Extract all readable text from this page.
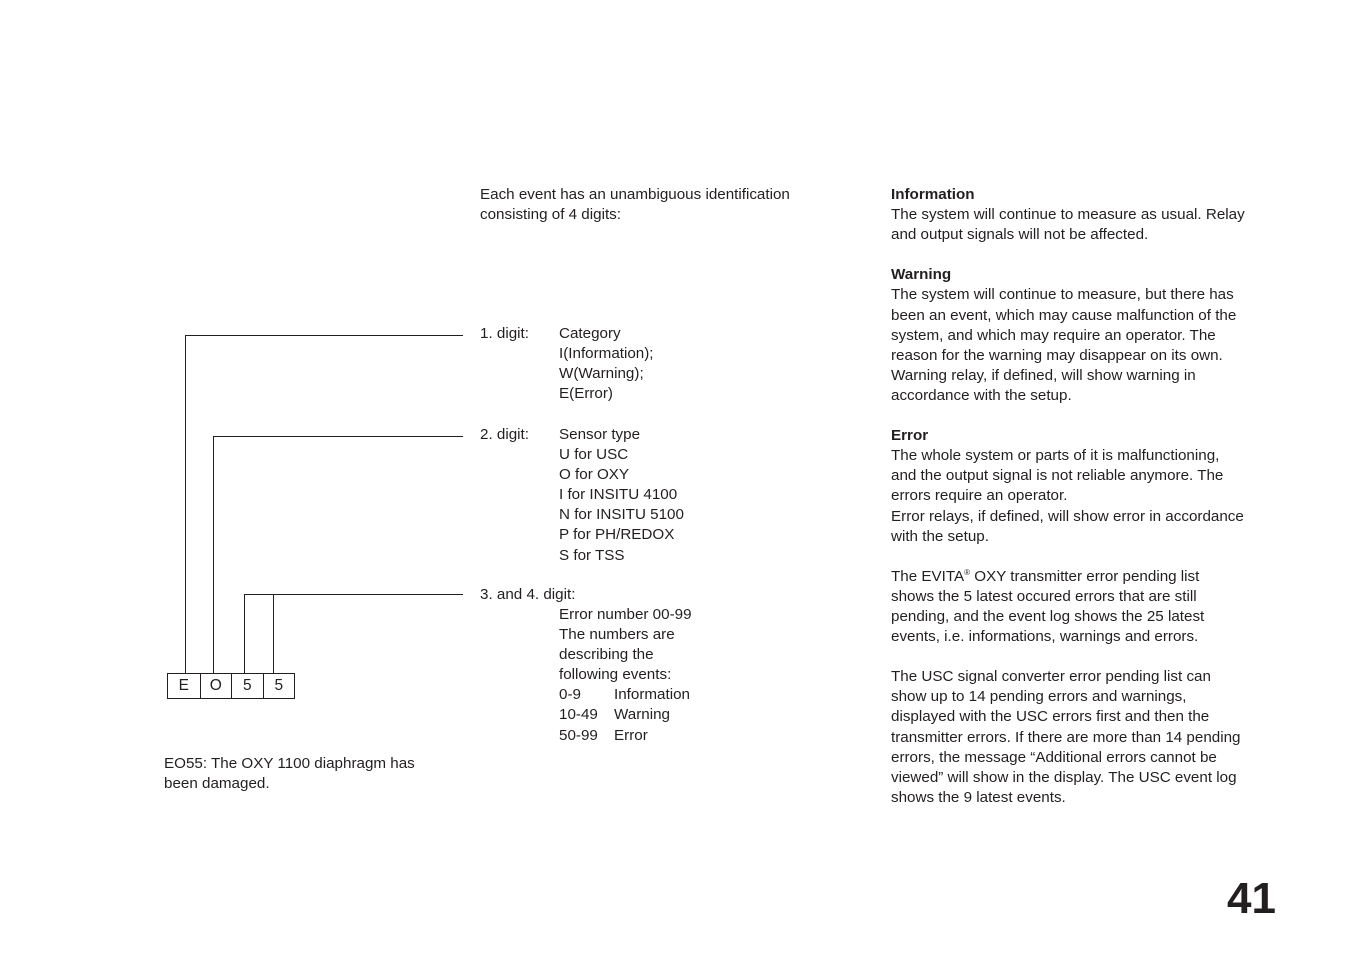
Each event has an unambiguous identification
consisting of 4 digits:
E	O	5	5
EO55: The OXY 1100 diaphragm has
been damaged.
1. digit: Category
I(Information);
W(Warning);
E(Error)
2. digit: Sensor type
U for USC
O for OXY
I for INSITU 4100
N for INSITU 5100
P for PH/REDOX
S for TSS
3. and 4. digit:
Error number 00-99
The numbers are
describing the
following events:
0-9	Information
10-49	Warning
50-99	Error
Information
The system will continue to measure as usual. Relay
and output signals will not be affected.
Warning
The system will continue to measure, but there has
been an event, which may cause malfunction of the
system, and which may require an operator. The
reason for the warning may disappear on its own.
Warning relay, if defined, will show warning in
accordance with the setup.
Error
The whole system or parts of it is malfunctioning,
and the output signal is not reliable anymore. The
errors require an operator.
Error relays, if defined, will show error in accordance
with the setup.
The EVITA® OXY transmitter error pending list
shows the 5 latest occured errors that are still
pending, and the event log shows the 25 latest
events, i.e. informations, warnings and errors.
The USC signal converter error pending list can
show up to 14 pending errors and warnings,
displayed with the USC errors first and then the
transmitter errors. If there are more than 14 pending
errors, the message “Additional errors cannot be
viewed” will show in the display. The USC event log
shows the 9 latest events.
41
